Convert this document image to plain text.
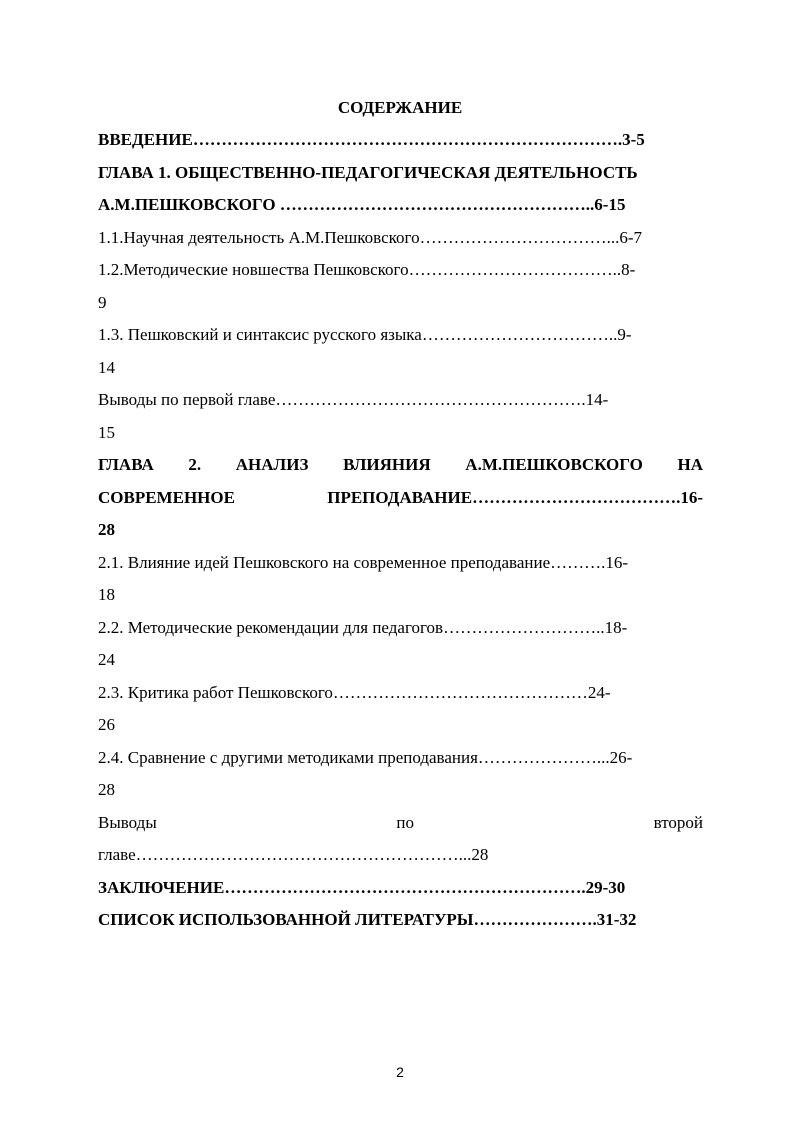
СОДЕРЖАНИЕ
ВВЕДЕНИЕ………………………………………………………………….3-5
ГЛАВА 1. ОБЩЕСТВЕННО-ПЕДАГОГИЧЕСКАЯ ДЕЯТЕЛЬНОСТЬ
А.М.ПЕШКОВСКОГО ………………………………………………..6-15
1.1.Научная деятельность А.М.Пешковского……………………………...6-7
1.2.Методические новшества Пешковского………………………………..8-
9
1.3. Пешковский и синтаксис русского языка……………………………..9-
14
Выводы по первой главе……………………………………………….14-
15
ГЛАВА 2. АНАЛИЗ ВЛИЯНИЯ А.М.ПЕШКОВСКОГО НА
СОВРЕМЕННОЕ	ПРЕПОДАВАНИЕ……………………………….16-
28
2.1. Влияние идей Пешковского на современное преподавание……….16-
18
2.2. Методические рекомендации для педагогов………………………..18-
24
2.3. Критика работ Пешковского………………………………………24-
26
2.4. Сравнение с другими методиками преподавания…………………...26-
28
Выводы	по	второй
главе…………………………………………………...28
ЗАКЛЮЧЕНИЕ……………………………………………………….29-30
СПИСОК ИСПОЛЬЗОВАННОЙ ЛИТЕРАТУРЫ………………….31-32
2
